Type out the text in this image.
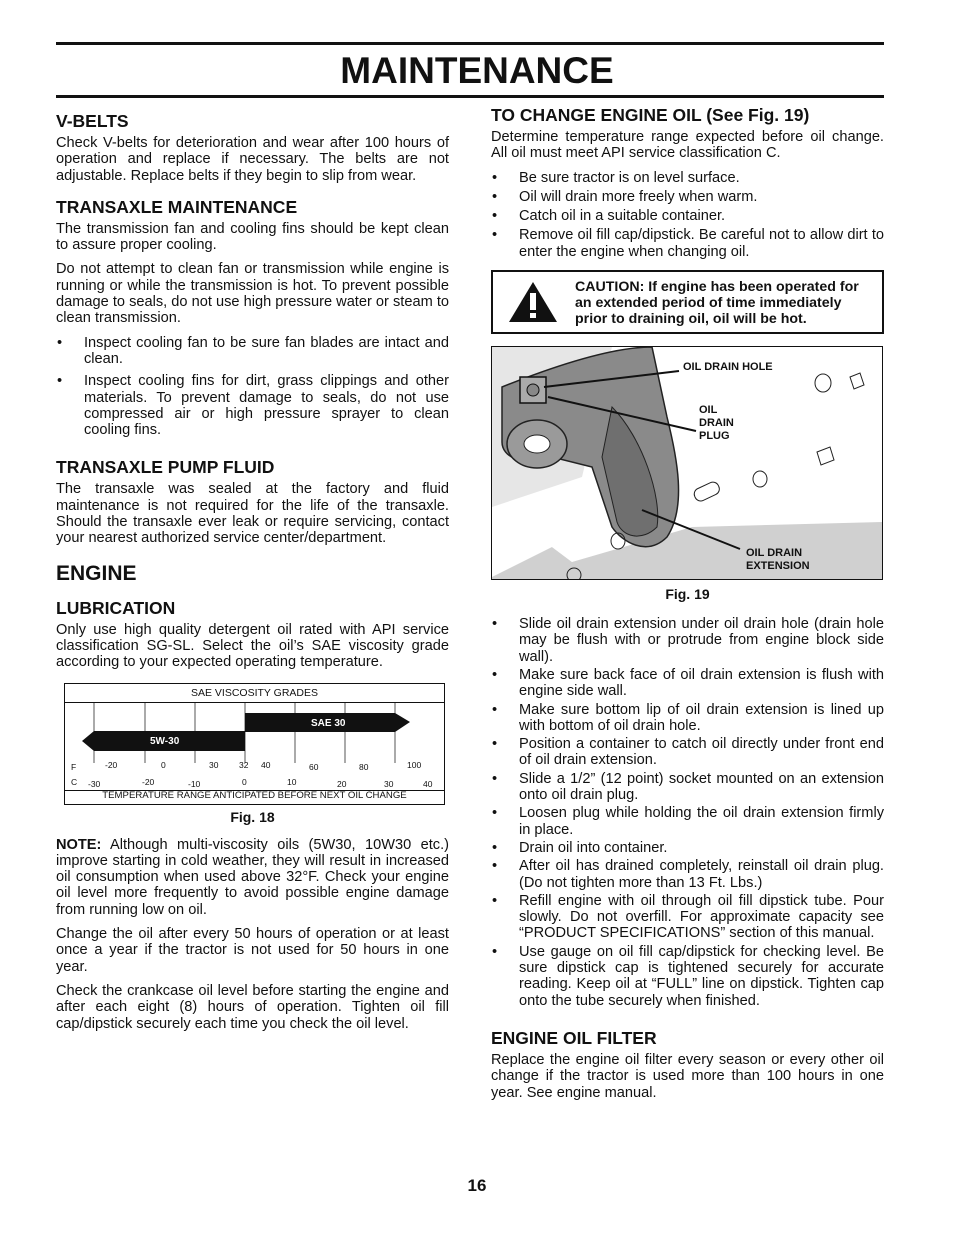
MAINTENANCE
V-BELTS

Check V-belts for deterioration and wear after 100 hours of operation and replace if necessary. The belts are not adjustable. Replace belts if they begin to slip from wear.

TRANSAXLE MAINTENANCE

The transmission fan and cooling fins should be kept clean to assure proper cooling.

Do not attempt to clean fan or transmission while engine is running or while the transmission is hot. To prevent possible damage to seals, do not use high pressure water or steam to clean transmission.

• Inspect cooling fan to be sure fan blades are intact and clean.
• Inspect cooling fins for dirt, grass clippings and other materials. To prevent damage to seals, do not use compressed air or high pressure sprayer to clean cooling fins.
TRANSAXLE PUMP FLUID

The transaxle was sealed at the factory and fluid maintenance is not required for the life of the transaxle. Should the transaxle ever leak or require servicing, contact your nearest authorized service center/department.

ENGINE
LUBRICATION

Only use high quality detergent oil rated with API service classification SG-SL. Select the oil’s SAE viscosity grade according to your expected operating temperature.

SAE VISCOSITY GRADES
5W-30
SAE 30
F	-20	0	30 32 40	60	80	100
C -30	-20	-10	0	10	20	30	40
TEMPERATURE RANGE ANTICIPATED BEFORE NEXT OIL CHANGE
Fig. 18

NOTE: Although multi-viscosity oils (5W30, 10W30 etc.) improve starting in cold weather, they will result in increased oil consumption when used above 32°F. Check your engine oil level more frequently to avoid possible engine damage from running low on oil.

Change the oil after every 50 hours of operation or at least once a year if the tractor is not used for 50 hours in one year.

Check the crankcase oil level before starting the engine and after each eight (8) hours of operation. Tighten oil fill cap/dipstick securely each time you check the oil level.

TO CHANGE ENGINE OIL (See Fig. 19)

Determine temperature range expected before oil change. All oil must meet API service classification C.

• Be sure tractor is on level surface.
• Oil will drain more freely when warm.
• Catch oil in a suitable container.
• Remove oil fill cap/dipstick. Be careful not to allow dirt to enter the engine when changing oil.
CAUTION: If engine has been operated for an extended period of time immediately prior to draining oil, oil will be hot.
OIL DRAIN HOLE
OIL
DRAIN
PLUG
OIL DRAIN
EXTENSION
Fig. 19
• Slide oil drain extension under oil drain hole (drain hole may be flush with or protrude from engine block side wall).
• Make sure back face of oil drain extension is flush with engine side wall.
• Make sure bottom lip of oil drain extension is lined up with bottom of oil drain hole.
• Position a container to catch oil directly under front end of oil drain extension.
• Slide a 1/2” (12 point) socket mounted on an extension onto oil drain plug.
• Loosen plug while holding the oil drain extension firmly in place.
• Drain oil into container.
• After oil has drained completely, reinstall oil drain plug. (Do not tighten more than 13 Ft. Lbs.)
• Refill engine with oil through oil fill dipstick tube. Pour slowly. Do not overfill. For approximate capacity see “PRODUCT SPECIFICATIONS” section of this manual.
• Use gauge on oil fill cap/dipstick for checking level. Be sure dipstick cap is tightened securely for accurate reading. Keep oil at “FULL” line on dipstick. Tighten cap onto the tube securely when finished.
ENGINE OIL FILTER

Replace the engine oil filter every season or every other oil change if the tractor is used more than 100 hours in one year. See engine manual.

16
